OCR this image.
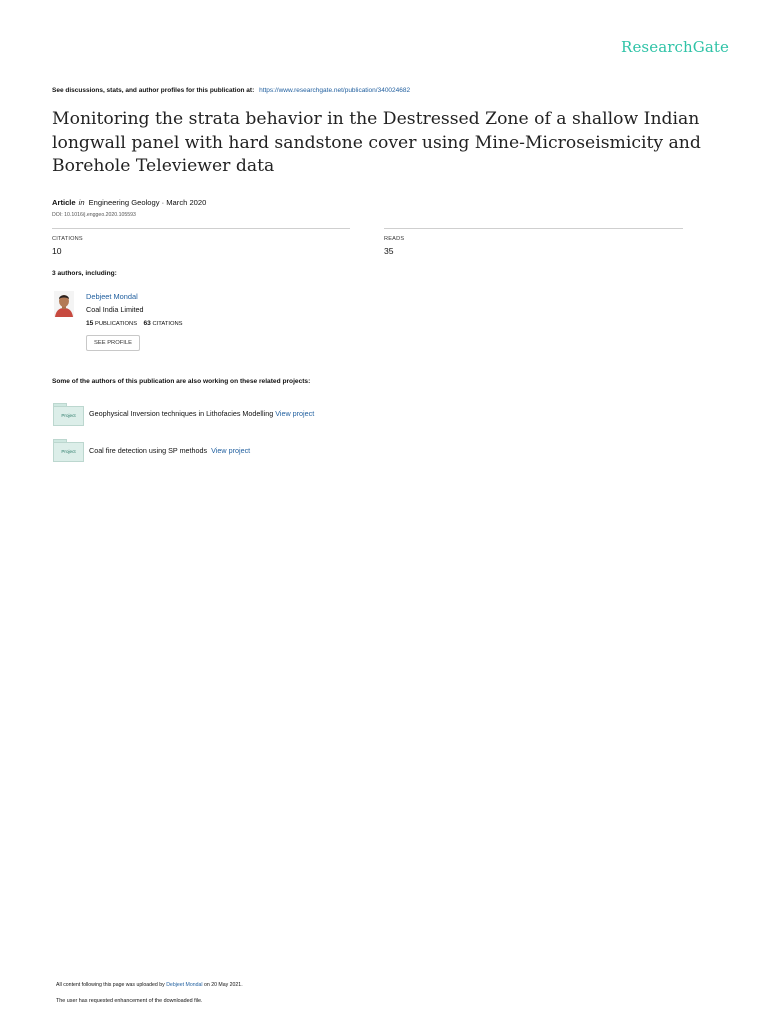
ResearchGate
See discussions, stats, and author profiles for this publication at: https://www.researchgate.net/publication/340024682
Monitoring the strata behavior in the Destressed Zone of a shallow Indian longwall panel with hard sandstone cover using Mine-Microseismicity and Borehole Televiewer data
Article in Engineering Geology · March 2020
DOI: 10.1016/j.enggeo.2020.105593
CITATIONS
10
READS
35
3 authors, including:
Debjeet Mondal
Coal India Limited
15 PUBLICATIONS 63 CITATIONS
SEE PROFILE
Some of the authors of this publication are also working on these related projects:
Project	Geophysical Inversion techniques in Lithofacies Modelling View project
Project	Coal fire detection using SP methods View project
All content following this page was uploaded by Debjeet Mondal on 20 May 2021.
The user has requested enhancement of the downloaded file.
